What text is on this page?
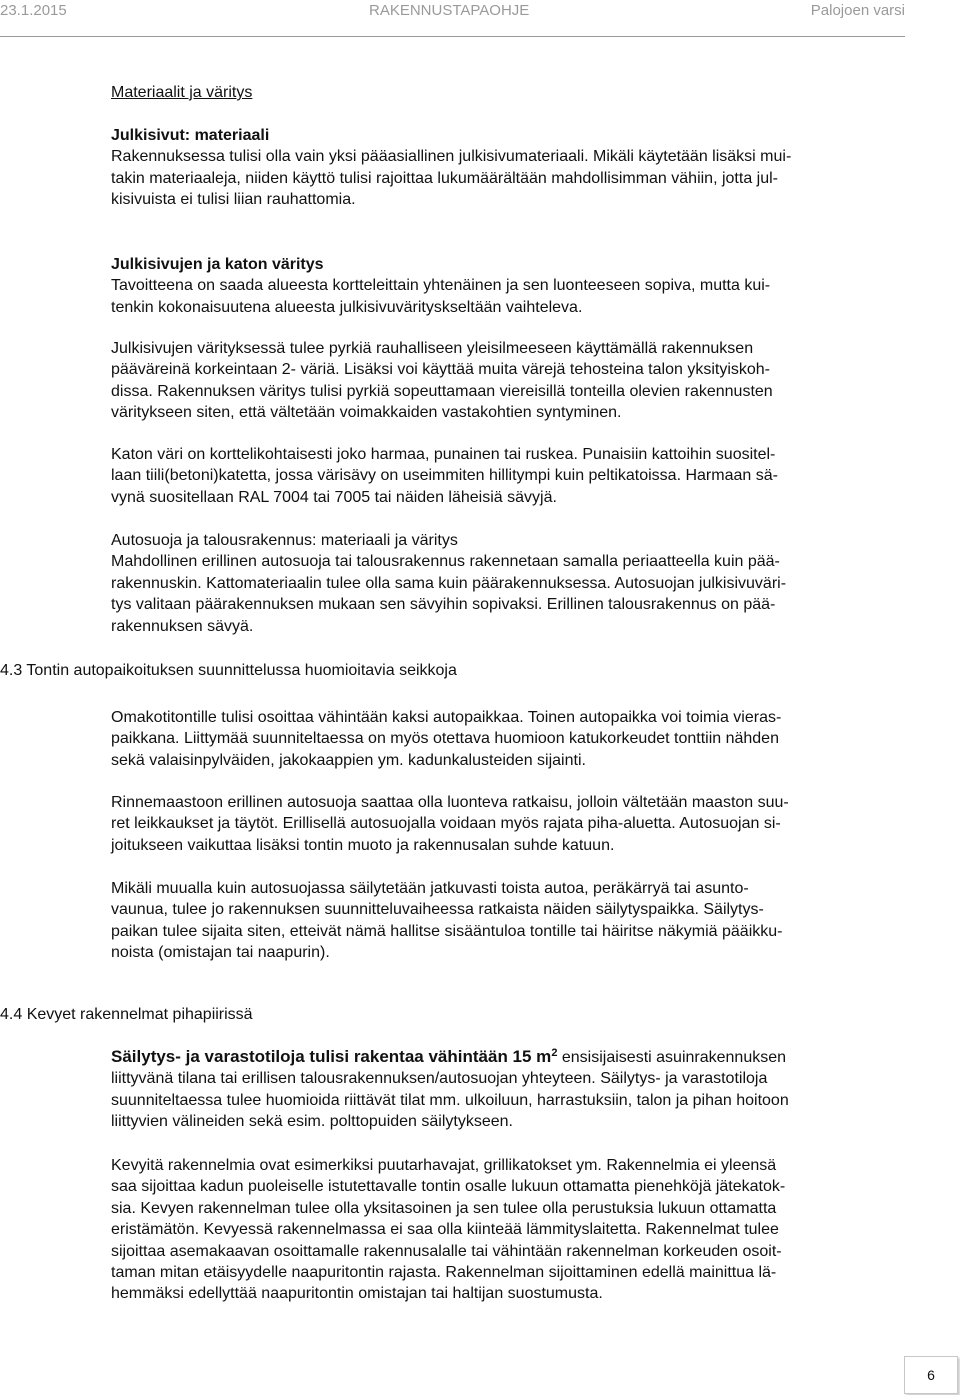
23.1.2015	RAKENNUSTAPAOHJE	Palojoen varsi

Materiaalit ja väritys

Julkisivut: materiaali

Rakennuksessa tulisi olla vain yksi pääasiallinen julkisivumateriaali. Mikäli käytetään lisäksi mui-

takin materiaaleja, niiden käyttö tulisi rajoittaa lukumäärältään mahdollisimman vähiin, jotta jul-

kisivuista ei tulisi liian rauhattomia.

Julkisivujen ja katon väritys

Tavoitteena on saada alueesta kortteleittain yhtenäinen ja sen luonteeseen sopiva, mutta kui-

tenkin kokonaisuutena alueesta julkisivuvärityskseltään vaihteleva.

Julkisivujen värityksessä tulee pyrkiä rauhalliseen yleisilmeeseen käyttämällä rakennuksen

pääväreinä korkeintaan 2- väriä. Lisäksi voi käyttää muita värejä tehosteina talon yksityiskoh-

dissa. Rakennuksen väritys tulisi pyrkiä sopeuttamaan viereisillä tonteilla olevien rakennusten

väritykseen siten, että vältetään voimakkaiden vastakohtien syntyminen.

Katon väri on korttelikohtaisesti joko harmaa, punainen tai ruskea. Punaisiin kattoihin suositel-

laan tiili(betoni)katetta, jossa värisävy on useimmiten hillitympi kuin peltikatoissa. Harmaan sä-

vynä suositellaan RAL 7004 tai 7005 tai näiden läheisiä sävyjä.

Autosuoja ja talousrakennus: materiaali ja väritys

Mahdollinen erillinen autosuoja tai talousrakennus rakennetaan samalla periaatteella kuin pää-

rakennuskin. Kattomateriaalin tulee olla sama kuin päärakennuksessa. Autosuojan julkisivuväri-

tys valitaan päärakennuksen mukaan sen sävyihin sopivaksi. Erillinen talousrakennus on pää-

rakennuksen sävyä.

4.3 Tontin autopaikoituksen suunnittelussa huomioitavia seikkoja

Omakotitontille tulisi osoittaa vähintään kaksi autopaikkaa. Toinen autopaikka voi toimia vieras-

paikkana. Liittymää suunniteltaessa on myös otettava huomioon katukorkeudet tonttiin nähden

sekä valaisinpylväiden, jakokaappien ym. kadunkalusteiden sijainti.

Rinnemaastoon erillinen autosuoja saattaa olla luonteva ratkaisu, jolloin vältetään maaston suu-

ret leikkaukset ja täytöt. Erillisellä autosuojalla voidaan myös rajata piha-aluetta. Autosuojan si-

joitukseen vaikuttaa lisäksi tontin muoto ja rakennusalan suhde katuun.

Mikäli muualla kuin autosuojassa säilytetään jatkuvasti toista autoa, peräkärryä tai asunto-

vaunua, tulee jo rakennuksen suunnitteluvaiheessa ratkaista näiden säilytyspaikka. Säilytys-

paikan tulee sijaita siten, etteivät nämä hallitse sisääntuloa tontille tai häiritse näkymiä pääikku-

noista (omistajan tai naapurin).

4.4 Kevyet rakennelmat pihapiirissä

Säilytys- ja varastotiloja tulisi rakentaa vähintään 15 $m^2$ ensisijaisesti asuinrakennuksen

liittyvänä tilana tai erillisen talousrakennuksen/autosuojan yhteyteen. Säilytys- ja varastotiloja

suunniteltaessa tulee huomioida riittävät tilat mm. ulkoiluun, harrastuksiin, talon ja pihan hoitoon

liittyvien välineiden sekä esim. polttopuiden säilytykseen.

Kevyitä rakennelmia ovat esimerkiksi puutarhavajat, grillikatokset ym. Rakennelmia ei yleensä

saa sijoittaa kadun puoleiselle istutettavalle tontin osalle lukuun ottamatta pienehköjä jätekatok-

sia. Kevyen rakennelman tulee olla yksitasoinen ja sen tulee olla perustuksia lukuun ottamatta

eristämätön. Kevyessä rakennelmassa ei saa olla kiinteää lämmityslaitetta. Rakennelmat tulee

sijoittaa asemakaavan osoittamalle rakennusalalle tai vähintään rakennelman korkeuden osoit-

taman mitan etäisyydelle naapuritontin rajasta. Rakennelman sijoittaminen edellä mainittua lä-

hemmäksi edellyttää naapuritontin omistajan tai haltijan suostumusta.

6
